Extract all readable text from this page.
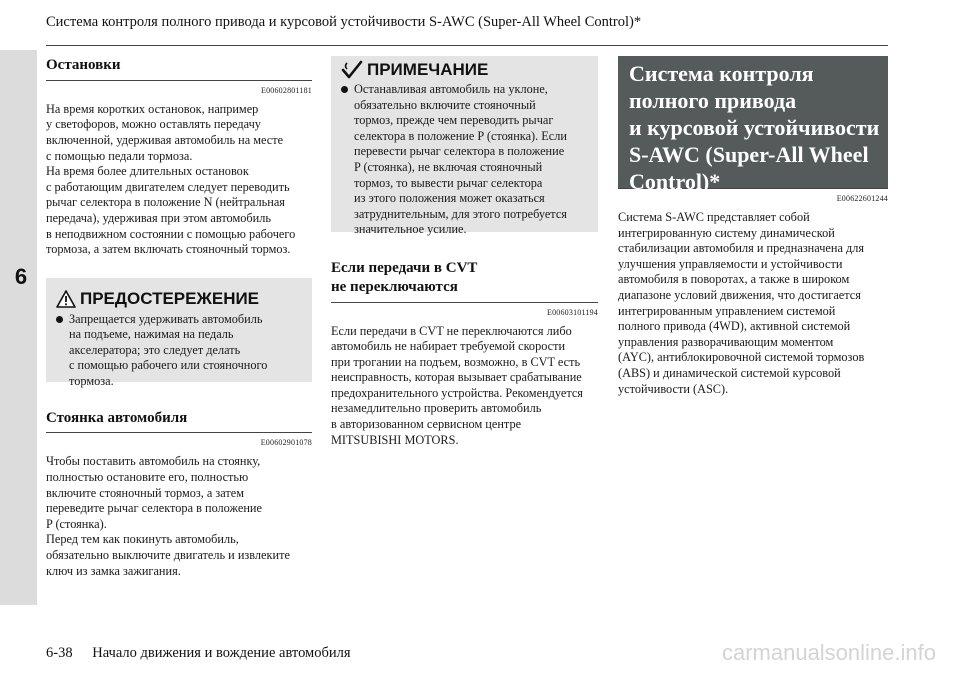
6
Система контроля полного привода и курсовой устойчивости S-AWC (Super-All Wheel Control)*
Остановки
E00602801181

На время коротких остановок, например

у светофоров, можно оставлять передачу

включенной, удерживая автомобиль на месте

с помощью педали тормоза.

На время более длительных остановок

с работающим двигателем следует переводить

рычаг селектора в положение N (нейтральная

передача), удерживая при этом автомобиль

в неподвижном состоянии с помощью рабочего

тормоза, а затем включать стояночный тормоз.

ПРЕДОСТЕРЕЖЕНИЕ

Запрещается удерживать автомобиль

на подъеме, нажимая на педаль

акселератора; это следует делать

с помощью рабочего или стояночного

тормоза.

Стоянка автомобиля
E00602901078

Чтобы поставить автомобиль на стоянку,

полностью остановите его, полностью

включите стояночный тормоз, а затем

переведите рычаг селектора в положение

P (стоянка).

Перед тем как покинуть автомобиль,

обязательно выключите двигатель и извлеките

ключ из замка зажигания.

ПРИМЕЧАНИЕ

Останавливая автомобиль на уклоне,

обязательно включите стояночный

тормоз, прежде чем переводить рычаг

селектора в положение P (стоянка). Если

перевести рычаг селектора в положение

P (стоянка), не включая стояночный

тормоз, то вывести рычаг селектора

из этого положения может оказаться

затруднительным, для этого потребуется

значительное усилие.

Если передачи в CVT
не переключаются
E00603101194

Если передачи в CVT не переключаются либо

автомобиль не набирает требуемой скорости

при трогании на подъем, возможно, в CVT есть

неисправность, которая вызывает срабатывание

предохранительного устройства. Рекомендуется

незамедлительно проверить автомобиль

в авторизованном сервисном центре

MITSUBISHI MOTORS.

Система контроля
полного привода
и курсовой устойчивости
S-AWC (Super-All Wheel
Control)*
E00622601244

Система S-AWC представляет собой

интегрированную систему динамической

стабилизации автомобиля и предназначена для

улучшения управляемости и устойчивости

автомобиля в поворотах, а также в широком

диапазоне условий движения, что достигается

интегрированным управлением системой

полного привода (4WD), активной системой

управления разворачивающим моментом

(AYC), антиблокировочной системой тормозов

(ABS) и динамической системой курсовой

устойчивости (ASC).

6-38 Начало движения и вождение автомобиля	carmanualsonline.info
